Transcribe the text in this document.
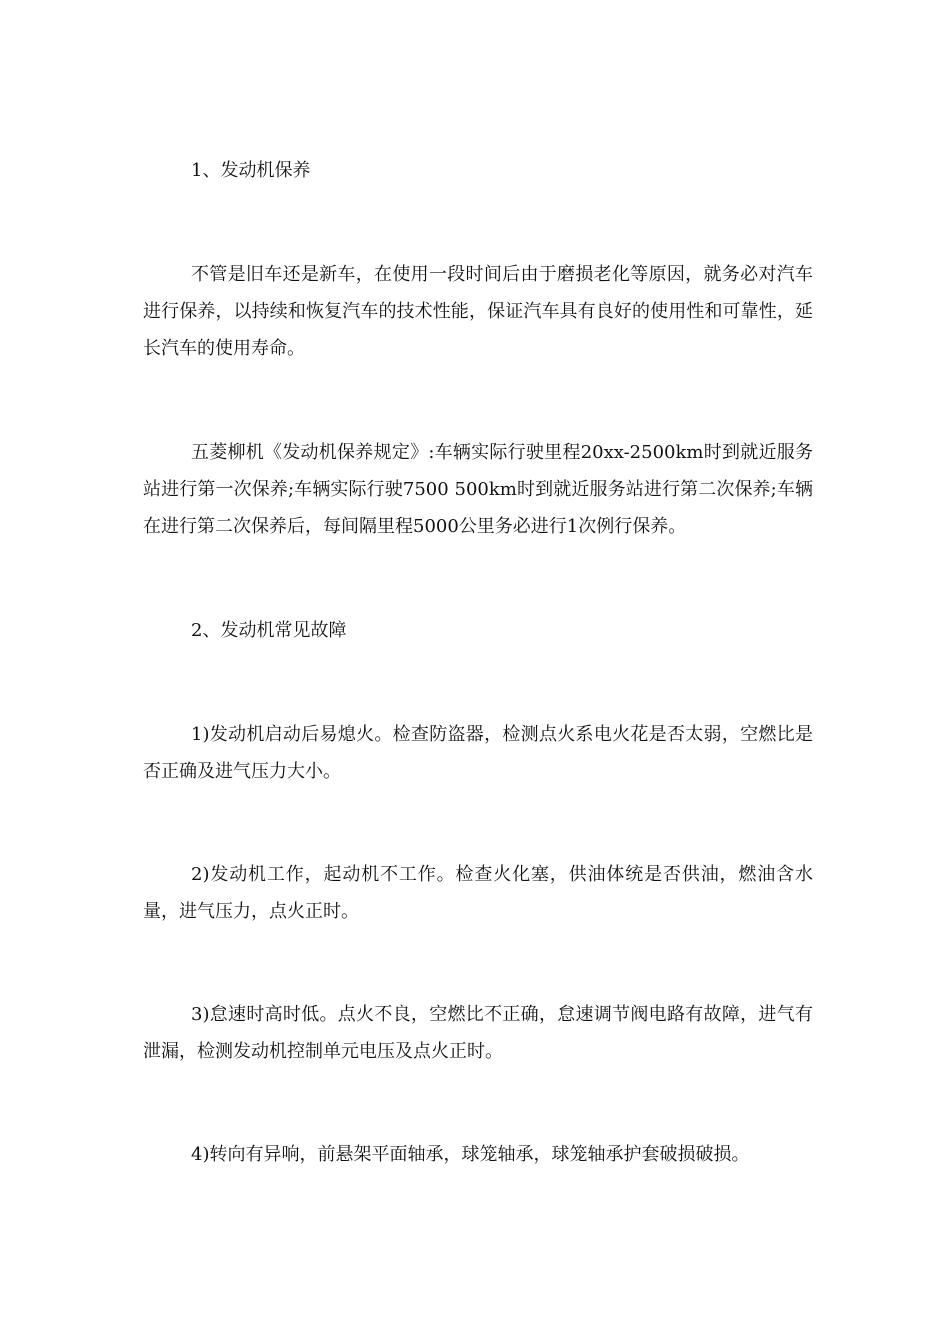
1、发动机保养

不管是旧车还是新车，在使用一段时间后由于磨损老化等原因，就务必对汽车进行保养，以持续和恢复汽车的技术性能，保证汽车具有良好的使用性和可靠性，延长汽车的使用寿命。

五菱柳机《发动机保养规定》:车辆实际行驶里程20xx-2500km时到就近服务站进行第一次保养;车辆实际行驶7500 500km时到就近服务站进行第二次保养;车辆在进行第二次保养后，每间隔里程5000公里务必进行1次例行保养。

2、发动机常见故障

1)发动机启动后易熄火。检查防盗器，检测点火系电火花是否太弱，空燃比是否正确及进气压力大小。

2)发动机工作，起动机不工作。检查火化塞，供油体统是否供油，燃油含水量，进气压力，点火正时。

3)怠速时高时低。点火不良，空燃比不正确，怠速调节阀电路有故障，进气有泄漏，检测发动机控制单元电压及点火正时。

4)转向有异响，前悬架平面轴承，球笼轴承，球笼轴承护套破损破损。
